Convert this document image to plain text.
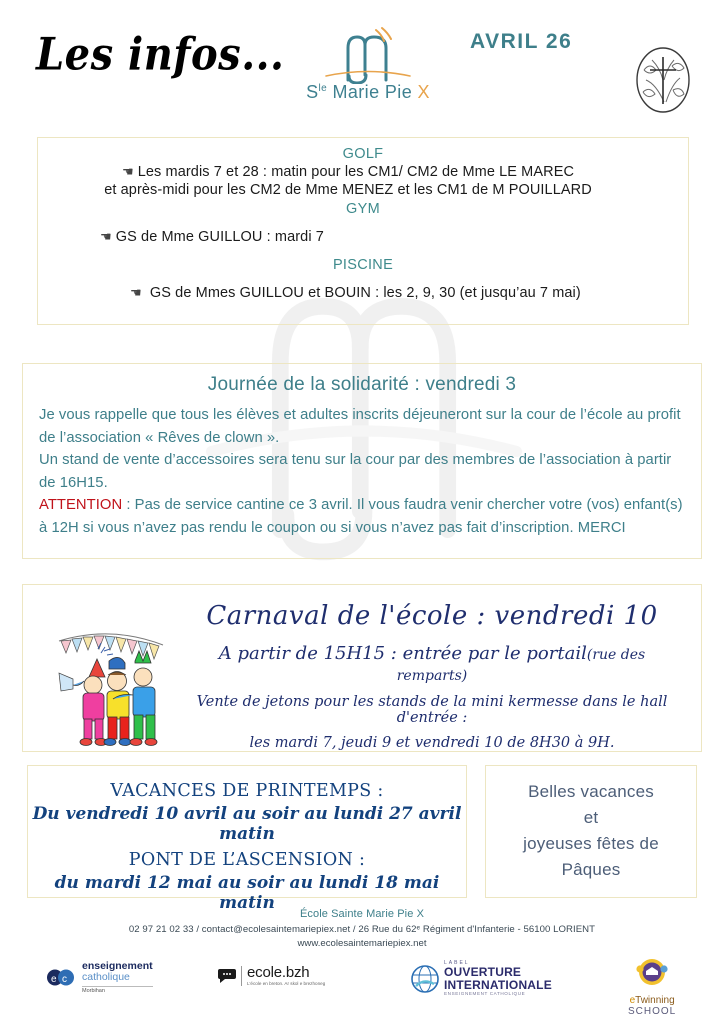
Les infos...
$S^{le}$ Marie Pie X
AVRIL 26
GOLF
☚ Les mardis 7 et 28 : matin pour les CM1/ CM2 de Mme LE MAREC
et après-midi pour les CM2 de Mme MENEZ et les CM1 de M POUILLARD
GYM
☚ GS de Mme GUILLOU : mardi 7
PISCINE
☚ GS de Mmes GUILLOU et BOUIN : les 2, 9, 30 (et jusqu’au 7 mai)
Journée de la solidarité : vendredi 3
Je vous rappelle que tous les élèves et adultes inscrits déjeuneront sur la cour de l’école au profit de l’association « Rêves de clown ».
Un stand de vente d’accessoires sera tenu sur la cour par des membres de l’association à partir de 16H15.
ATTENTION : Pas de service cantine ce 3 avril. Il vous faudra venir chercher votre (vos) enfant(s) à 12H si vous n’avez pas rendu le coupon ou si vous n’avez pas fait d’inscription. MERCI
Carnaval de l'école : vendredi 10
A partir de 15H15 : entrée par le portail(rue des remparts)
Vente de jetons pour les stands de la mini kermesse dans le hall d'entrée :
les mardi 7, jeudi 9 et vendredi 10 de 8H30 à 9H.
VACANCES DE PRINTEMPS :
Du vendredi 10 avril au soir au lundi 27 avril matin
PONT DE L’ASCENSION :
du mardi 12 mai au soir au lundi 18 mai matin
Belles vacances
et
joyeuses fêtes de
Pâques
École Sainte Marie Pie X
02 97 21 02 33 / contact@ecolesaintemariepiex.net / 26 Rue du 62ᵉ Régiment d'Infanterie - 56100 LORIENT
www.ecolesaintemariepiex.net
e c
enseignement
catholique
Morbihan
ecole.bzh
L'école en breton. Ar skol e brezhoneg
LABEL
OUVERTURE
INTERNATIONALE
ENSEIGNEMENT CATHOLIQUE
eTwinning
SCHOOL
